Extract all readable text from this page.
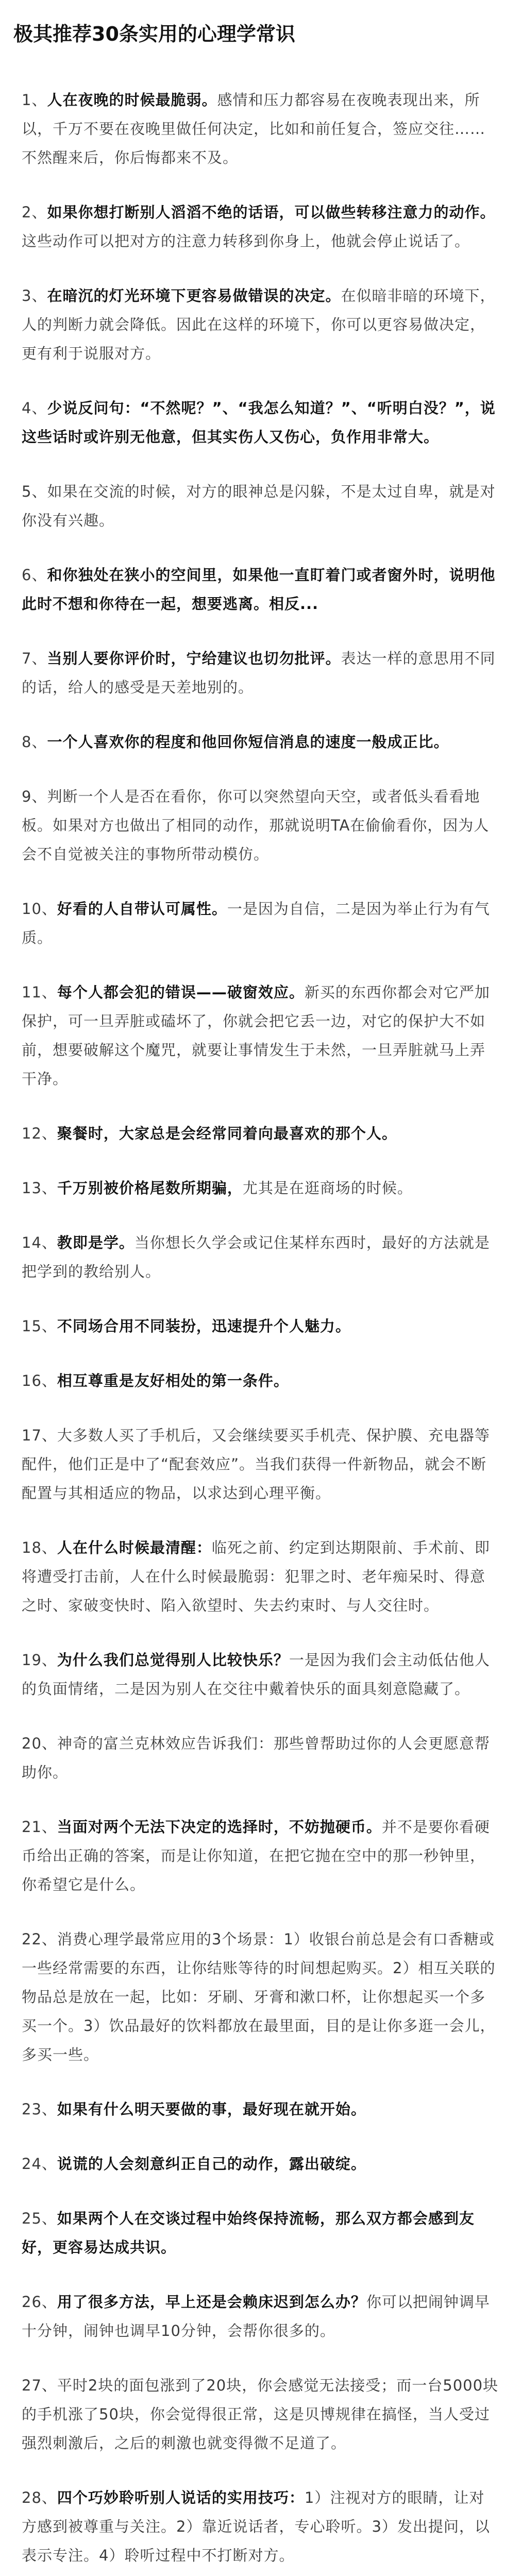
极其推荐30条实用的心理学常识

1、人在夜晚的时候最脆弱。感情和压力都容易在夜晚表现出来，所以，千万不要在夜晚里做任何决定，比如和前任复合，签应交往……不然醒来后，你后悔都来不及。

2、如果你想打断别人滔滔不绝的话语，可以做些转移注意力的动作。这些动作可以把对方的注意力转移到你身上，他就会停止说话了。

3、在暗沉的灯光环境下更容易做错误的决定。在似暗非暗的环境下，人的判断力就会降低。因此在这样的环境下，你可以更容易做决定，更有利于说服对方。

4、少说反问句：“不然呢？”、“我怎么知道？”、“听明白没？”，说这些话时或许别无他意，但其实伤人又伤心，负作用非常大。

5、如果在交流的时候，对方的眼神总是闪躲，不是太过自卑，就是对你没有兴趣。

6、和你独处在狭小的空间里，如果他一直盯着门或者窗外时，说明他此时不想和你待在一起，想要逃离。相反...

7、当别人要你评价时，宁给建议也切勿批评。表达一样的意思用不同的话，给人的感受是天差地别的。

8、一个人喜欢你的程度和他回你短信消息的速度一般成正比。

9、判断一个人是否在看你，你可以突然望向天空，或者低头看看地板。如果对方也做出了相同的动作，那就说明TA在偷偷看你，因为人会不自觉被关注的事物所带动模仿。

10、好看的人自带认可属性。一是因为自信，二是因为举止行为有气质。

11、每个人都会犯的错误——破窗效应。新买的东西你都会对它严加保护，可一旦弄脏或磕坏了，你就会把它丢一边，对它的保护大不如前，想要破解这个魔咒，就要让事情发生于未然，一旦弄脏就马上弄干净。

12、聚餐时，大家总是会经常同着向最喜欢的那个人。

13、千万别被价格尾数所期骗，尤其是在逛商场的时候。

14、教即是学。当你想长久学会或记住某样东西时，最好的方法就是把学到的教给别人。

15、不同场合用不同装扮，迅速提升个人魅力。

16、相互尊重是友好相处的第一条件。

17、大多数人买了手机后，又会继续要买手机壳、保护膜、充电器等配件，他们正是中了“配套效应”。当我们获得一件新物品，就会不断配置与其相适应的物品，以求达到心理平衡。

18、人在什么时候最清醒：临死之前、约定到达期限前、手术前、即将遭受打击前，人在什么时候最脆弱：犯罪之时、老年痴呆时、得意之时、家破变快时、陷入欲望时、失去约束时、与人交往时。

19、为什么我们总觉得别人比较快乐？一是因为我们会主动低估他人的负面情绪，二是因为别人在交往中戴着快乐的面具刻意隐藏了。

20、神奇的富兰克林效应告诉我们：那些曾帮助过你的人会更愿意帮助你。

21、当面对两个无法下决定的选择时，不妨抛硬币。并不是要你看硬币给出正确的答案，而是让你知道，在把它抛在空中的那一秒钟里，你希望它是什么。

22、消费心理学最常应用的3个场景：1）收银台前总是会有口香糖或一些经常需要的东西，让你结账等待的时间想起购买。2）相互关联的物品总是放在一起，比如：牙刷、牙膏和漱口杯，让你想起买一个多买一个。3）饮品最好的饮料都放在最里面，目的是让你多逛一会儿，多买一些。

23、如果有什么明天要做的事，最好现在就开始。

24、说谎的人会刻意纠正自己的动作，露出破绽。

25、如果两个人在交谈过程中始终保持流畅，那么双方都会感到友好，更容易达成共识。

26、用了很多方法，早上还是会赖床迟到怎么办？你可以把闹钟调早十分钟，闹钟也调早10分钟，会帮你很多的。

27、平时2块的面包涨到了20块，你会感觉无法接受；而一台5000块的手机涨了50块，你会觉得很正常，这是贝博规律在搞怪，当人受过强烈刺激后，之后的刺激也就变得微不足道了。

28、四个巧妙聆听别人说话的实用技巧：1）注视对方的眼睛，让对方感到被尊重与关注。2）靠近说话者，专心聆听。3）发出提问，以表示专注。4）聆听过程中不打断对方。
